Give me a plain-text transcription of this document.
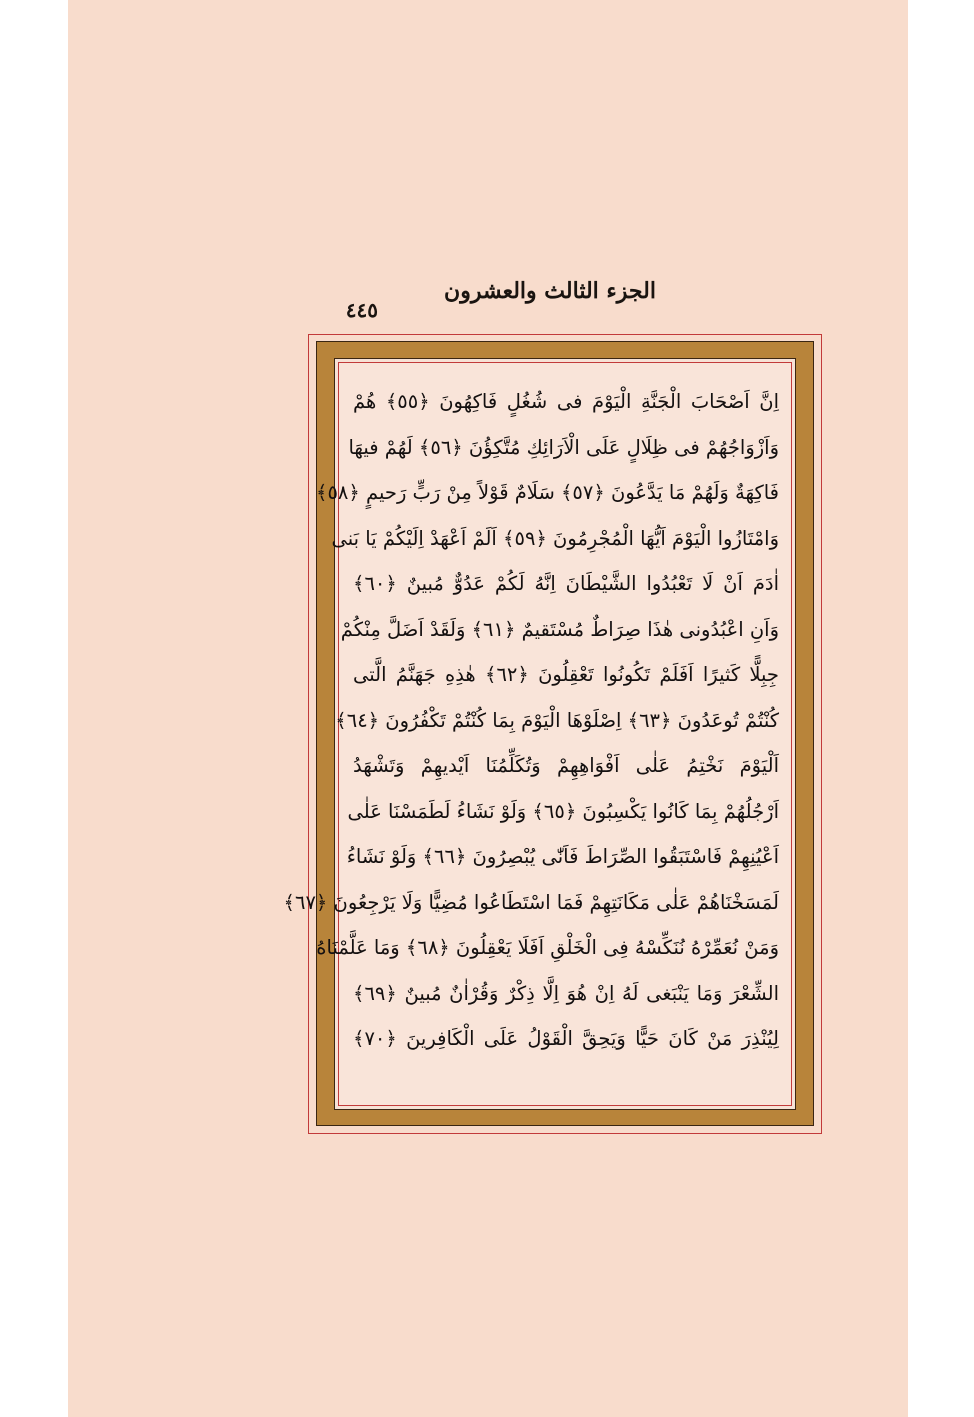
الجزء الثالث والعشرون
٤٤٥
اِنَّ اَصْحَابَ الْجَنَّةِ الْيَوْمَ فى شُغُلٍ فَاكِهُونَ ﴿٥٥﴾ هُمْ
وَاَزْوَاجُهُمْ فى ظِلَالٍ عَلَى الْاَرَائِكِ مُتَّكِؤُنَ ﴿٥٦﴾ لَهُمْ فيهَا
فَاكِهَةٌ وَلَهُمْ مَا يَدَّعُونَ ﴿٥٧﴾ سَلَامٌ قَوْلاً مِنْ رَبٍّ رَحيمٍ ﴿٥٨﴾
وَامْتَازُوا الْيَوْمَ اَيُّهَا الْمُجْرِمُونَ ﴿٥٩﴾ اَلَمْ اَعْهَدْ اِلَيْكُمْ يَا بَنى
اٰدَمَ اَنْ لَا تَعْبُدُوا الشَّيْطَانَ اِنَّهُ لَكُمْ عَدُوٌّ مُبينٌ ﴿٦٠﴾
وَاَنِ اعْبُدُونى هٰذَا صِرَاطٌ مُسْتَقيمٌ ﴿٦١﴾ وَلَقَدْ اَضَلَّ مِنْكُمْ
جِبِلًّا كَثيرًا اَفَلَمْ تَكُونُوا تَعْقِلُونَ ﴿٦٢﴾ هٰذِهِ جَهَنَّمُ الَّتى
كُنْتُمْ تُوعَدُونَ ﴿٦٣﴾ اِصْلَوْهَا الْيَوْمَ بِمَا كُنْتُمْ تَكْفُرُونَ ﴿٦٤﴾
اَلْيَوْمَ نَخْتِمُ عَلٰى اَفْوَاهِهِمْ وَتُكَلِّمُنَا اَيْديهِمْ وَتَشْهَدُ
اَرْجُلُهُمْ بِمَا كَانُوا يَكْسِبُونَ ﴿٦٥﴾ وَلَوْ نَشَاءُ لَطَمَسْنَا عَلٰى
اَعْيُنِهِمْ فَاسْتَبَقُوا الصِّرَاطَ فَاَنّٰى يُبْصِرُونَ ﴿٦٦﴾ وَلَوْ نَشَاءُ
لَمَسَخْنَاهُمْ عَلٰى مَكَانَتِهِمْ فَمَا اسْتَطَاعُوا مُضِيًّا وَلَا يَرْجِعُونَ ﴿٦٧﴾
وَمَنْ نُعَمِّرْهُ نُنَكِّسْهُ فِى الْخَلْقِ اَفَلَا يَعْقِلُونَ ﴿٦٨﴾ وَمَا عَلَّمْنَاهُ
الشِّعْرَ وَمَا يَنْبَغى لَهُ اِنْ هُوَ اِلَّا ذِكْرٌ وَقُرْاٰنٌ مُبينٌ ﴿٦٩﴾
لِيُنْذِرَ مَنْ كَانَ حَيًّا وَيَحِقَّ الْقَوْلُ عَلَى الْكَافِرينَ ﴿٧٠﴾
